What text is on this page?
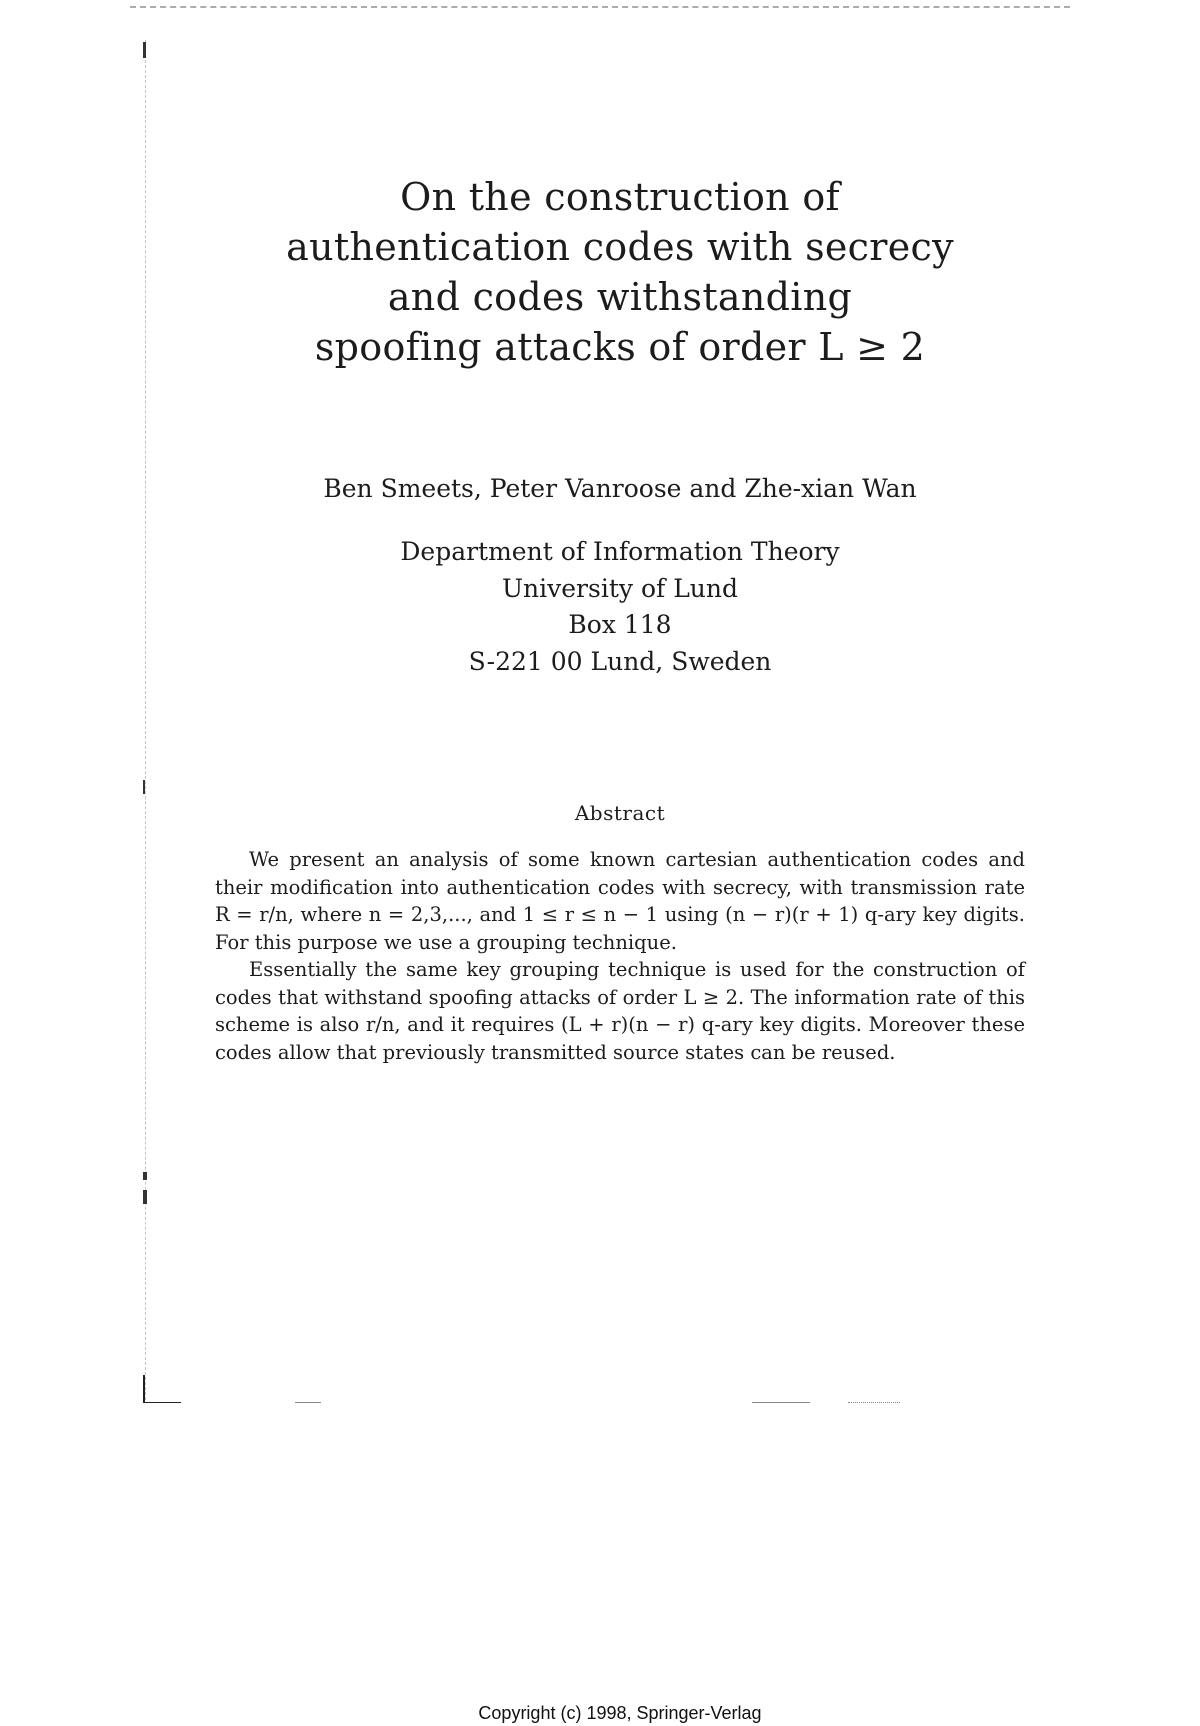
On the construction of
authentication codes with secrecy
and codes withstanding
spoofing attacks of order L ≥ 2
Ben Smeets, Peter Vanroose and Zhe-xian Wan
Department of Information Theory
University of Lund
Box 118
S-221 00 Lund, Sweden
Abstract

We present an analysis of some known cartesian authentication codes and their modification into authentication codes with secrecy, with transmission rate R = r/n, where n = 2,3,..., and 1 ≤ r ≤ n − 1 using (n − r)(r + 1) q-ary key digits. For this purpose we use a grouping technique.

Essentially the same key grouping technique is used for the construction of codes that withstand spoofing attacks of order L ≥ 2. The information rate of this scheme is also r/n, and it requires (L + r)(n − r) q-ary key digits. Moreover these codes allow that previously transmitted source states can be reused.

Copyright (c) 1998, Springer-Verlag
